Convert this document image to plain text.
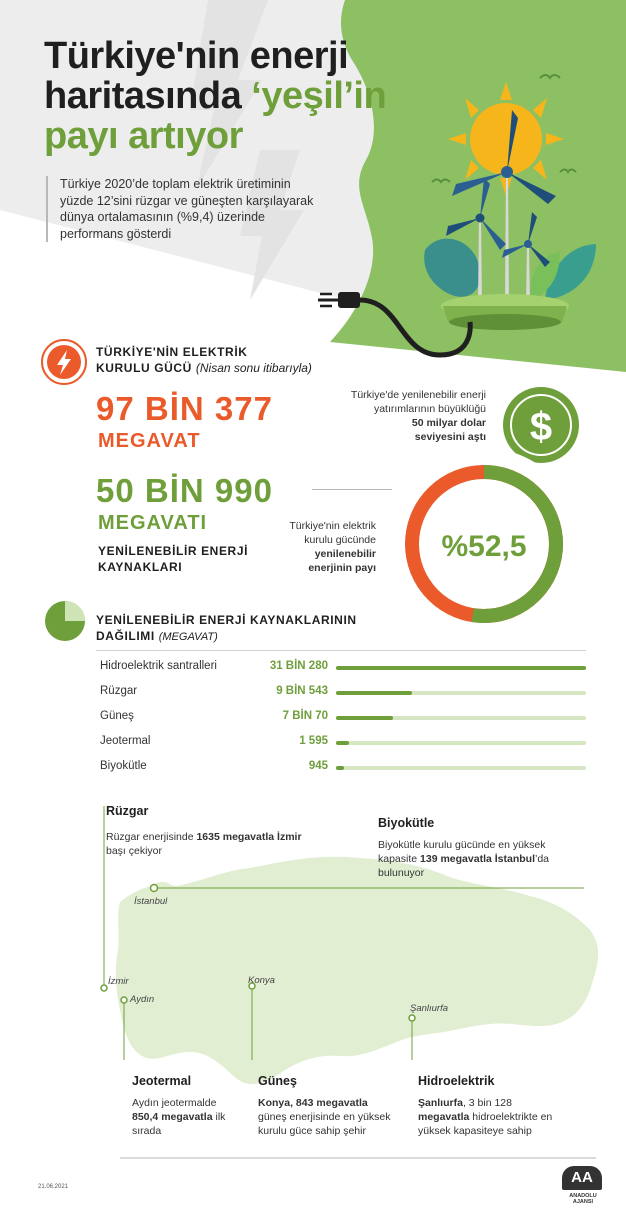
Türkiye'nin enerji
haritasında ‘yeşil’in
payı artıyor
Türkiye 2020’de toplam elektrik üretiminin yüzde 12’sini rüzgar ve güneşten karşılayarak dünya ortalamasının (%9,4) üzerinde performans gösterdi
TÜRKİYE'NİN ELEKTRİK
KURULU GÜCÜ (Nisan sonu itibarıyla)
97 BİN 377
MEGAVAT
50 BİN 990
MEGAVATI
YENİLENEBİLİR ENERJİ
KAYNAKLARI
Türkiye'de yenilenebilir enerji
yatırımlarının büyüklüğü
50 milyar dolar
seviyesini aştı $
Türkiye'nin elektrik
kurulu gücünde
yenilenebilir
enerjinin payı
%52,5
YENİLENEBİLİR ENERJİ KAYNAKLARININ
DAĞILIMI (MEGAVAT)
Hidroelektrik santralleri	31 BİN 280
Rüzgar	9 BİN 543
Güneş	7 BİN 70
Jeotermal	1 595
Biyokütle	945
Rüzgar
Rüzgar enerjisinde 1635 megavatla İzmir başı çekiyor
Biyokütle
Biyokütle kurulu gücünde en yüksek kapasite 139 megavatla İstanbul’da bulunuyor
İstanbul
İzmir
Aydın
Konya
Şanlıurfa
Jeotermal
Aydın jeotermalde
850,4 megavatla ilk sırada
Güneş
Konya, 843 megavatla güneş enerjisinde en yüksek kurulu güce sahip şehir
Hidroelektrik
Şanlıurfa, 3 bin 128
megavatla hidroelektrikte en yüksek kapasiteye sahip
21.06.2021
AA
ANADOLU AJANSI
